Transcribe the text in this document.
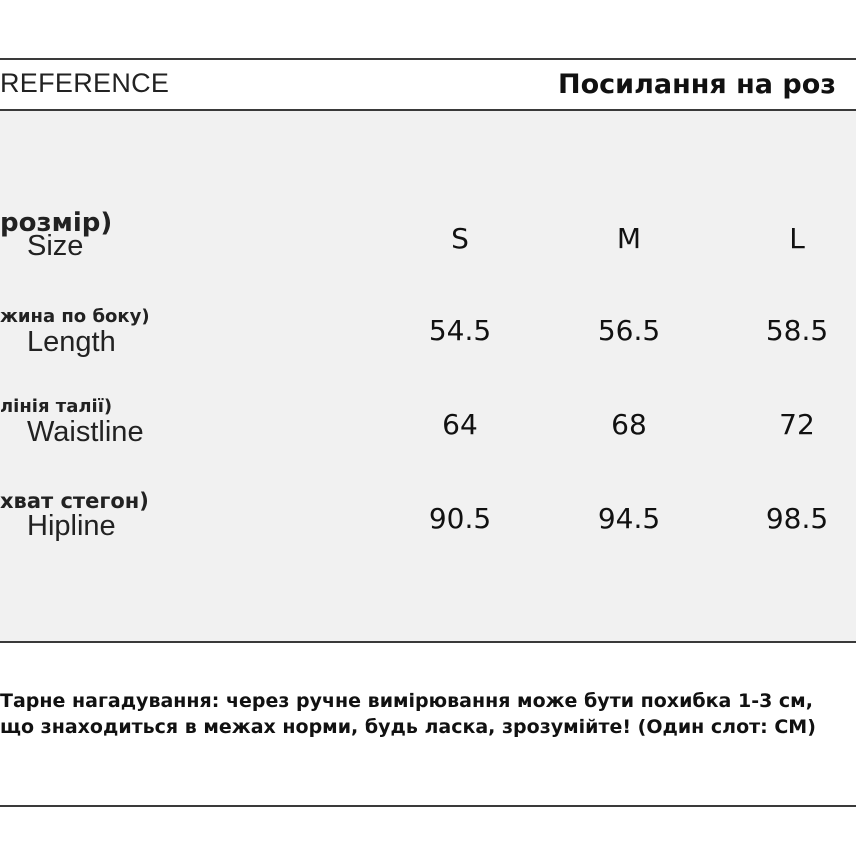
REFERENCE	Посилання на роз
розмір)
Size	S	M	L
жина по боку)
Length	54.5	56.5	58.5
лінія талії)
Waistline	64	68	72
хват стегон)
Hipline	90.5	94.5	98.5
Тарне нагадування: через ручне вимірювання може бути похибка 1-3 см, що знаходиться в межах норми, будь ласка, зрозумійте! (Один слот: CM)
